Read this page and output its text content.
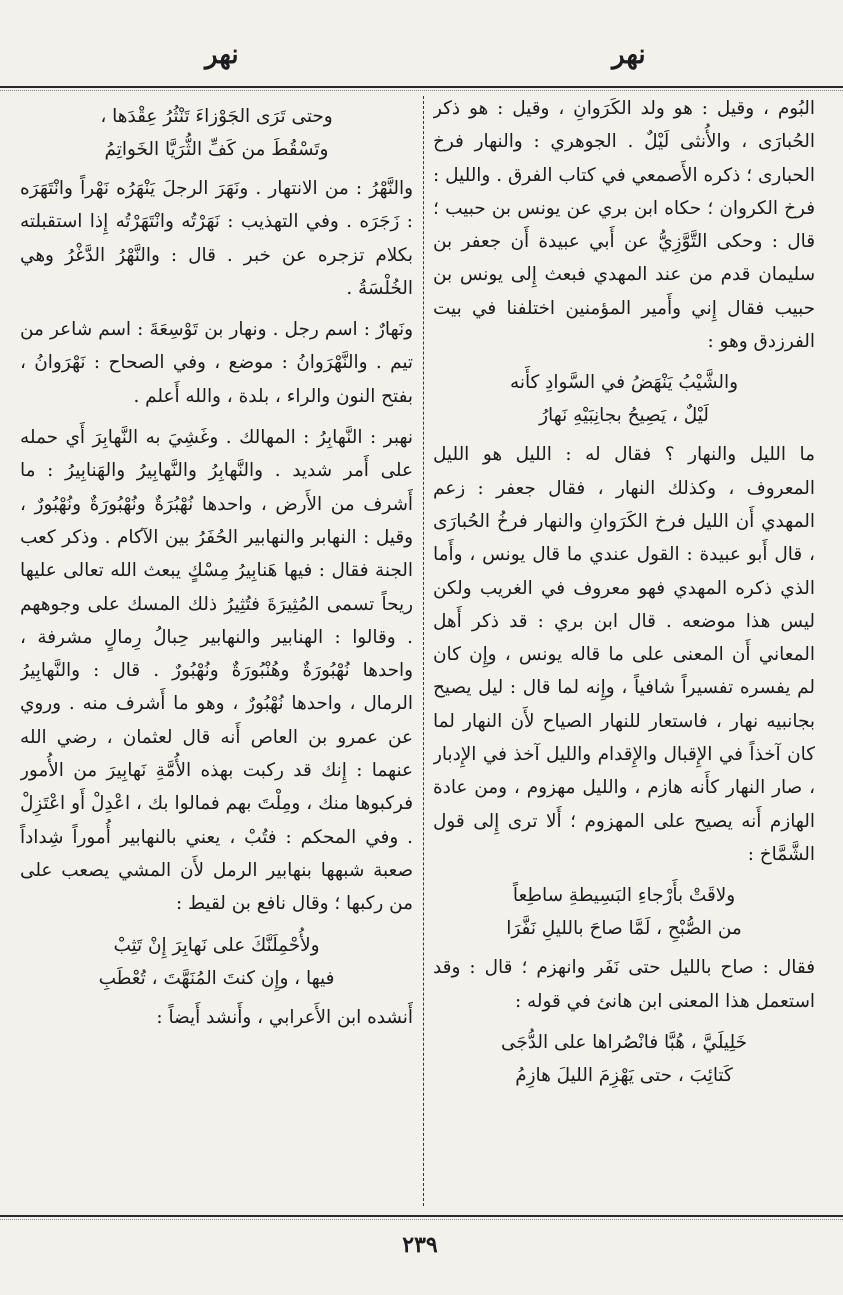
نهر	نهر

البُوم ، وقيل : هو ولد الكَرَوانِ ، وقيل : هو ذكر الحُبارَى ، والأُنثى لَيْلٌ . الجوهري : والنهار فرخ الحبارى ؛ ذكره الأَصمعي في كتاب الفرق . والليل : فرخ الكروان ؛ حكاه ابن بري عن يونس بن حبيب ؛ قال : وحكى التَّوَّزِيُّ عن أَبي عبيدة أَن جعفر بن سليمان قدم من عند المهدي فبعث إِلى يونس بن حبيب فقال إِني وأَمير المؤمنين اختلفنا في بيت الفرزدق وهو :

والشَّيْبُ يَنْهَضُ في السَّوادِ كأَنه
لَيْلٌ ، يَصِيحُ بجانِبَيْهِ نَهارُ

ما الليل والنهار ؟ فقال له : الليل هو الليل المعروف ، وكذلك النهار ، فقال جعفر : زعم المهدي أَن الليل فرخ الكَرَوانِ والنهار فرخُ الحُبارَى ، قال أَبو عبيدة : القول عندي ما قال يونس ، وأَما الذي ذكره المهدي فهو معروف في الغريب ولكن ليس هذا موضعه . قال ابن بري : قد ذكر أَهل المعاني أَن المعنى على ما قاله يونس ، وإِن كان لم يفسره تفسيراً شافياً ، وإِنه لما قال : ليل يصيح بجانبيه نهار ، فاستعار للنهار الصياح لأَن النهار لما كان آخذاً في الإِقبال والإِقدام والليل آخذ في الإِدبار ، صار النهار كأَنه هازم ، والليل مهزوم ، ومن عادة الهازم أَنه يصيح على المهزوم ؛ أَلا ترى إِلى قول الشَّمَّاخ :

ولاقَتْ بأَرْجاءِ البَسِيطةِ ساطِعاً
من الصُّبْحِ ، لَمَّا صاحَ بالليلِ نَفَّرَا

فقال : صاح بالليل حتى نَفَر وانهزم ؛ قال : وقد استعمل هذا المعنى ابن هانئ في قوله :

خَلِيلَيَّ ، هُبَّا فانْصُراها على الدُّجَى
كَتائِبَ ، حتى يَهْزِمَ الليلَ هازِمُ
وحتى تَرَى الجَوْزاءَ تَنْثُرُ عِقْدَها ،
وتَسْقُطَ من كَفِّ الثُّرَيَّا الخَواتِمُ

والنَّهْرُ : من الانتهار . ونَهَرَ الرجلَ يَنْهَرُه نَهْراً وانْتَهَرَه : زَجَرَه . وفي التهذيب : نَهَرْتُه وانْتَهَرْتُه إِذا استقبلته بكلام تزجره عن خبر . قال : والنَّهْرُ الدَّغْرُ وهي الخُلْسَةُ .

ونَهارٌ : اسم رجل . ونهار بن تَوْسِعَةَ : اسم شاعر من تيم . والنَّهْرَوانُ : موضع ، وفي الصحاح : نَهْرَوانُ ، بفتح النون والراء ، بلدة ، والله أَعلم .

نهبر : النَّهابِرُ : المهالك . وغَشِيَ به النَّهابِرَ أَي حمله على أَمر شديد . والنَّهابِرُ والنَّهابِيرُ والهَنابِيرُ : ما أَشرف من الأَرض ، واحدها نُهْبُرَةٌ ونُهْبُورَةٌ ونُهْبُورٌ ، وقيل : النهابر والنهابير الحُفَرُ بين الآكام . وذكر كعب الجنة فقال : فيها هَنابِيرُ مِسْكٍ يبعث الله تعالى عليها ريحاً تسمى المُثِيرَةَ فتُثِيرُ ذلك المسك على وجوههم . وقالوا : الهنابير والنهابير حِبالُ رِمالٍ مشرفة ، واحدها نُهْبُورَةٌ وهُنْبُورَةٌ ونُهْبُورٌ . قال : والنَّهابِيرُ الرمال ، واحدها نُهْبُورٌ ، وهو ما أَشرف منه . وروي عن عمرو بن العاص أَنه قال لعثمان ، رضي الله عنهما : إِنك قد ركبت بهذه الأُمَّةِ نَهابِيرَ من الأُمور فركبوها منك ، ومِلْتَ بهم فمالوا بك ، اعْدِلْ أَو اعْتَزِلْ . وفي المحكم : فتُبْ ، يعني بالنهابير أُموراً شِداداً صعبة شبهها بنهابير الرمل لأَن المشي يصعب على من ركبها ؛ وقال نافع بن لقيط :

ولأُحْمِلَنَّكَ على نَهابِرَ إِنْ تَثِبْ
فيها ، وإِن كنتَ المُنَهَّتَ ، تُعْطَبِ

أَنشده ابن الأَعرابي ، وأَنشد أَيضاً :

٢٣٩
